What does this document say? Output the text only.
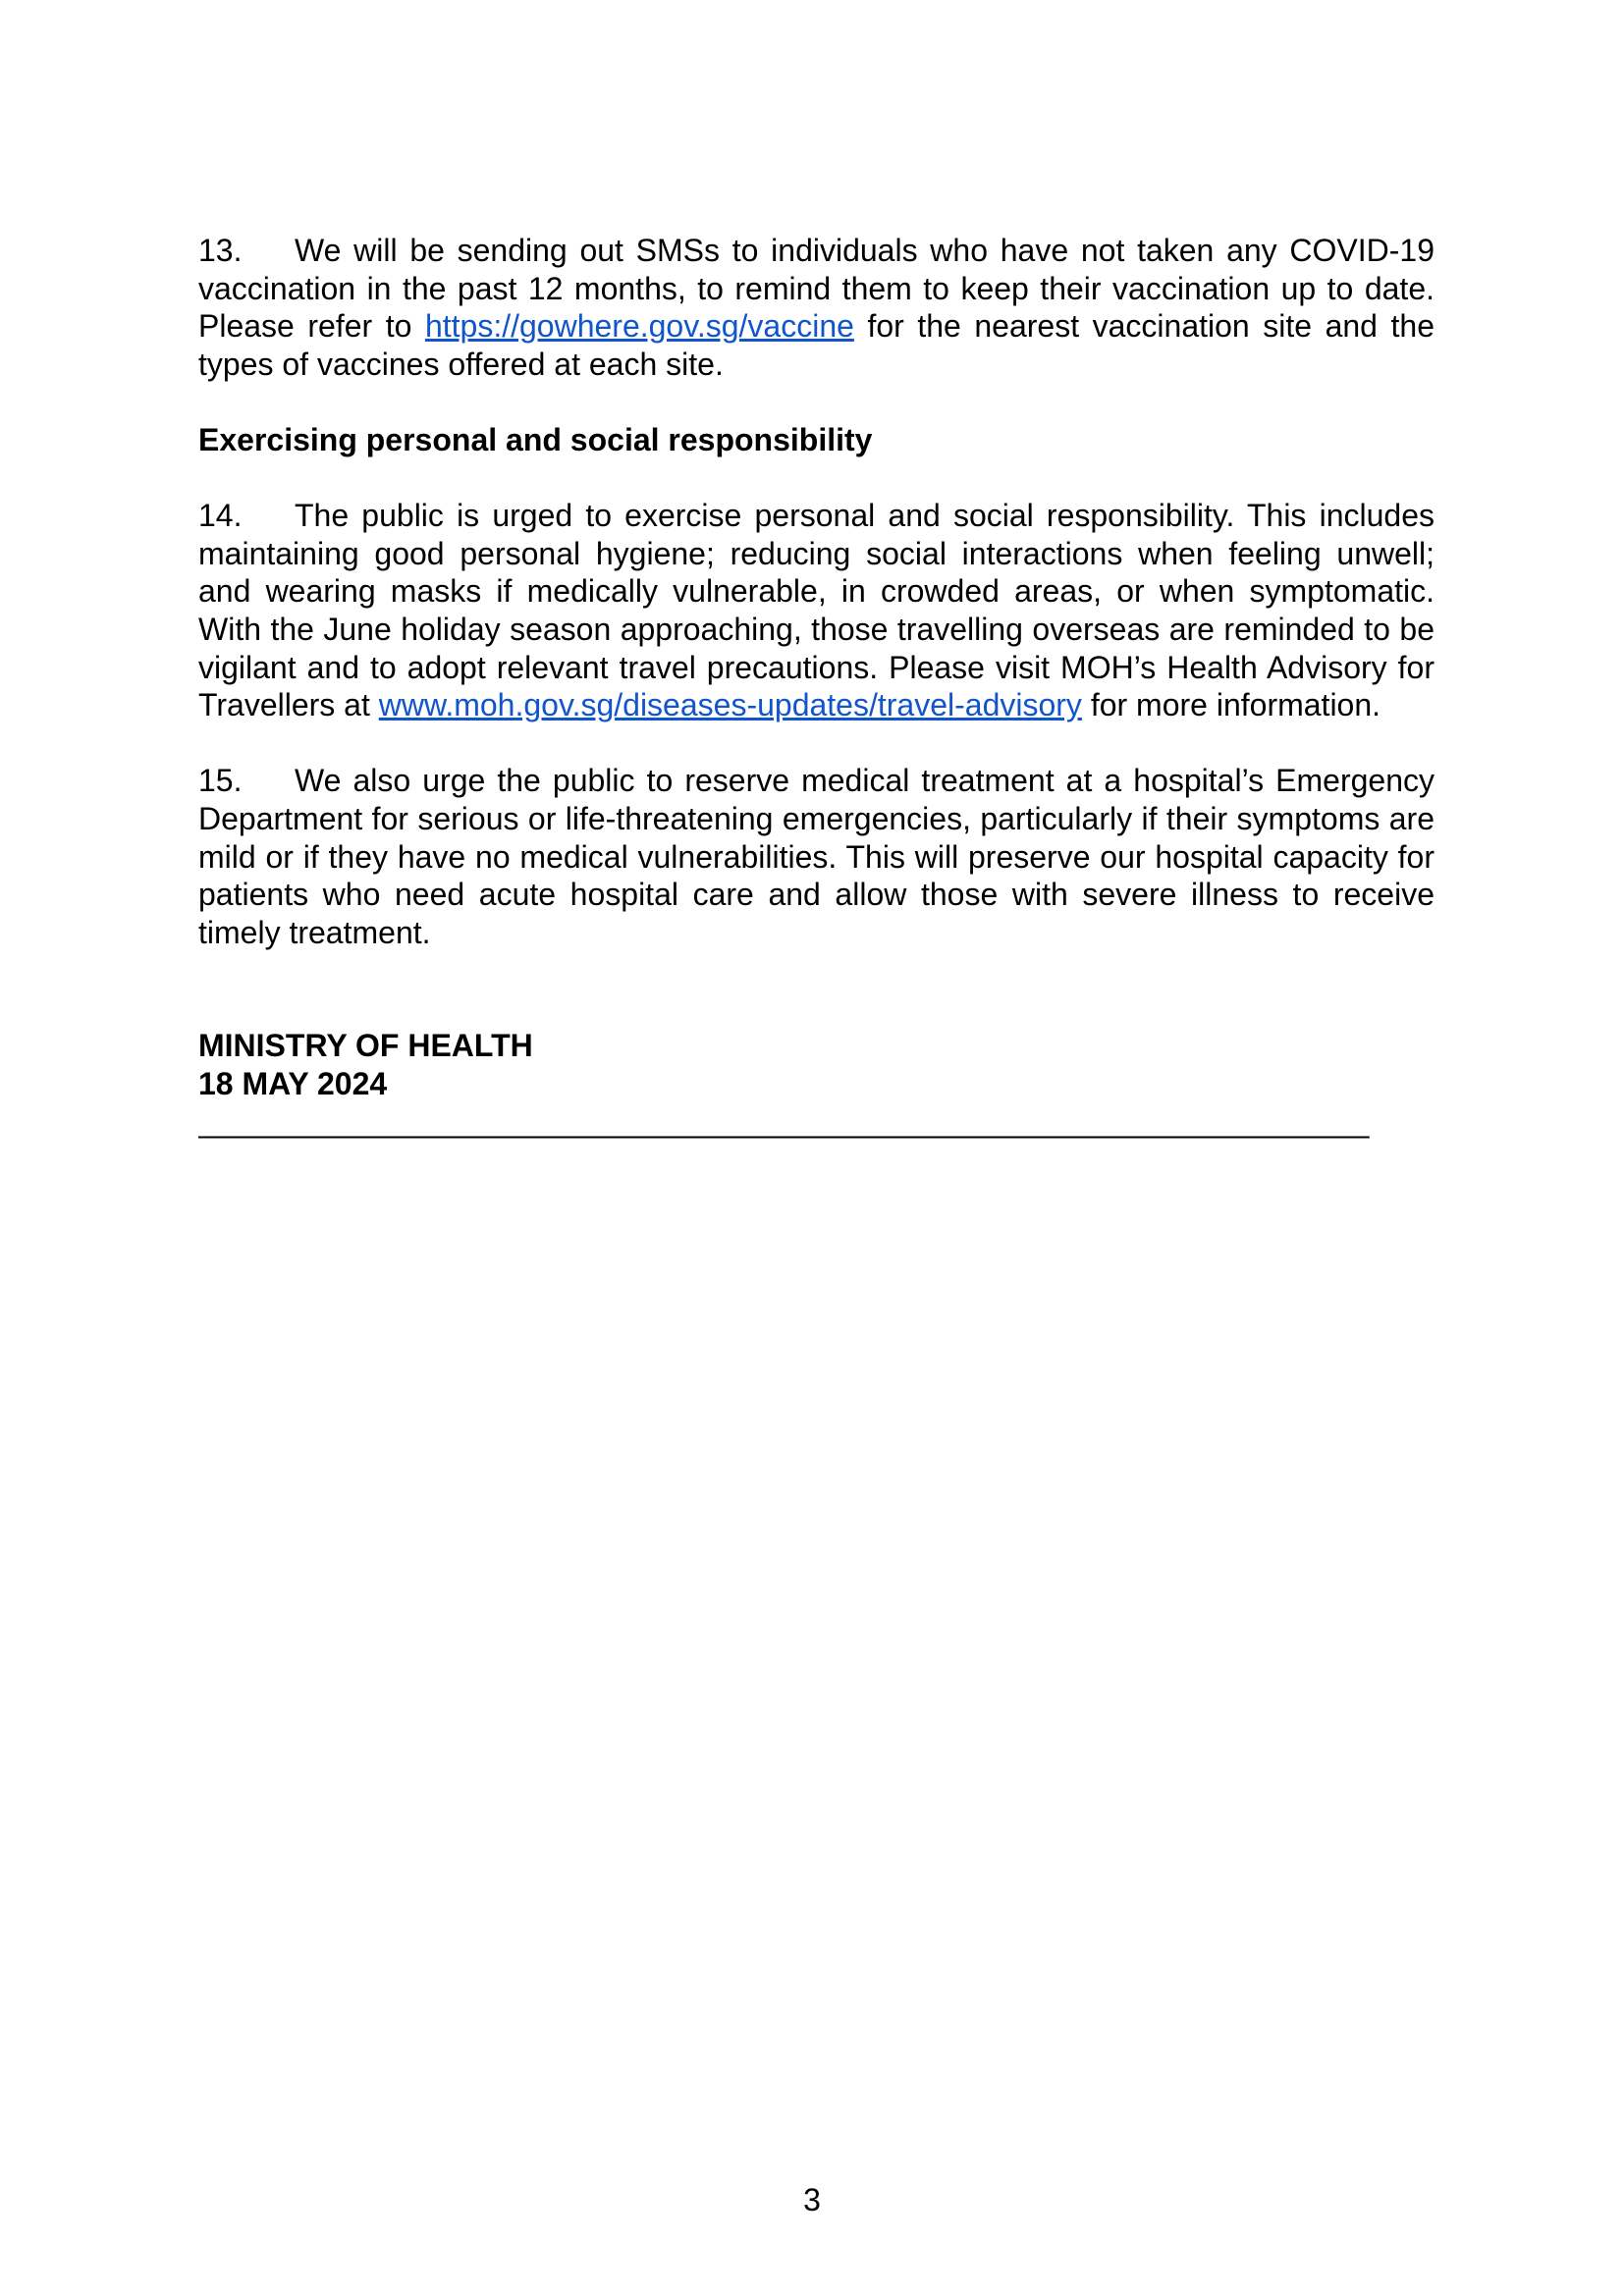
13. We will be sending out SMSs to individuals who have not taken any COVID-19 vaccination in the past 12 months, to remind them to keep their vaccination up to date. Please refer to https://gowhere.gov.sg/vaccine for the nearest vaccination site and the types of vaccines offered at each site.

Exercising personal and social responsibility

14. The public is urged to exercise personal and social responsibility. This includes maintaining good personal hygiene; reducing social interactions when feeling unwell; and wearing masks if medically vulnerable, in crowded areas, or when symptomatic. With the June holiday season approaching, those travelling overseas are reminded to be vigilant and to adopt relevant travel precautions. Please visit MOH’s Health Advisory for Travellers at www.moh.gov.sg/diseases-updates/travel-advisory for more information.

15. We also urge the public to reserve medical treatment at a hospital’s Emergency Department for serious or life-threatening emergencies, particularly if their symptoms are mild or if they have no medical vulnerabilities. This will preserve our hospital capacity for patients who need acute hospital care and allow those with severe illness to receive timely treatment.

MINISTRY OF HEALTH
18 MAY 2024
___________________________________________________________________
3
